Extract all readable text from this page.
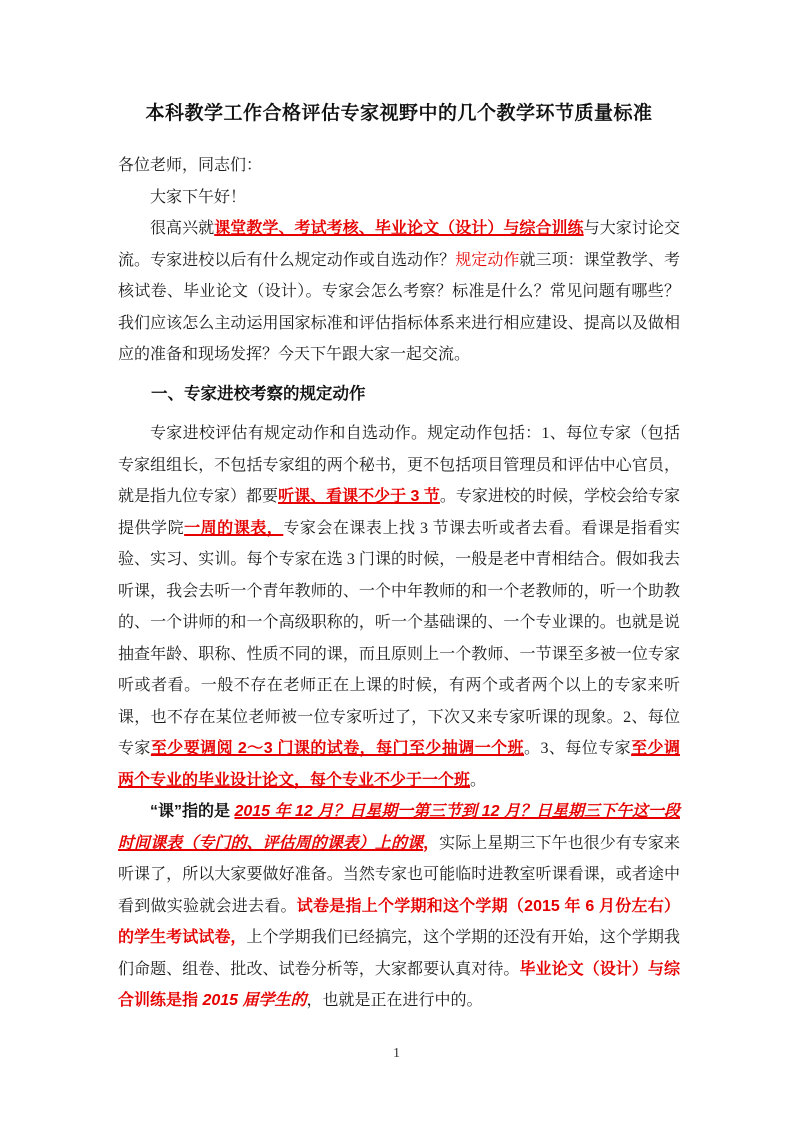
本科教学工作合格评估专家视野中的几个教学环节质量标准

各位老师，同志们：

大家下午好！

很高兴就课堂教学、考试考核、毕业论文（设计）与综合训练与大家讨论交流。专家进校以后有什么规定动作或自选动作？规定动作就三项：课堂教学、考核试卷、毕业论文（设计）。专家会怎么考察？标准是什么？常见问题有哪些？我们应该怎么主动运用国家标准和评估指标体系来进行相应建设、提高以及做相应的准备和现场发挥？今天下午跟大家一起交流。

一、专家进校考察的规定动作

专家进校评估有规定动作和自选动作。规定动作包括：1、每位专家（包括专家组组长，不包括专家组的两个秘书，更不包括项目管理员和评估中心官员，就是指九位专家）都要听课、看课不少于 3 节。专家进校的时候，学校会给专家提供学院一周的课表，专家会在课表上找 3 节课去听或者去看。看课是指看实验、实习、实训。每个专家在选 3 门课的时候，一般是老中青相结合。假如我去听课，我会去听一个青年教师的、一个中年教师的和一个老教师的，听一个助教的、一个讲师的和一个高级职称的，听一个基础课的、一个专业课的。也就是说抽查年龄、职称、性质不同的课，而且原则上一个教师、一节课至多被一位专家听或者看。一般不存在老师正在上课的时候，有两个或者两个以上的专家来听课，也不存在某位老师被一位专家听过了，下次又来专家听课的现象。2、每位专家至少要调阅 2～3 门课的试卷，每门至少抽调一个班。3、每位专家至少调两个专业的毕业设计论文，每个专业不少于一个班。

“课”指的是 2015 年 12 月？日星期一第三节到 12 月？日星期三下午这一段时间课表（专门的、评估周的课表）上的课，实际上星期三下午也很少有专家来听课了，所以大家要做好准备。当然专家也可能临时进教室听课看课，或者途中看到做实验就会进去看。试卷是指上个学期和这个学期（2015 年 6 月份左右）的学生考试试卷，上个学期我们已经搞完，这个学期的还没有开始，这个学期我们命题、组卷、批改、试卷分析等，大家都要认真对待。毕业论文（设计）与综合训练是指 2015 届学生的，也就是正在进行中的。

1
